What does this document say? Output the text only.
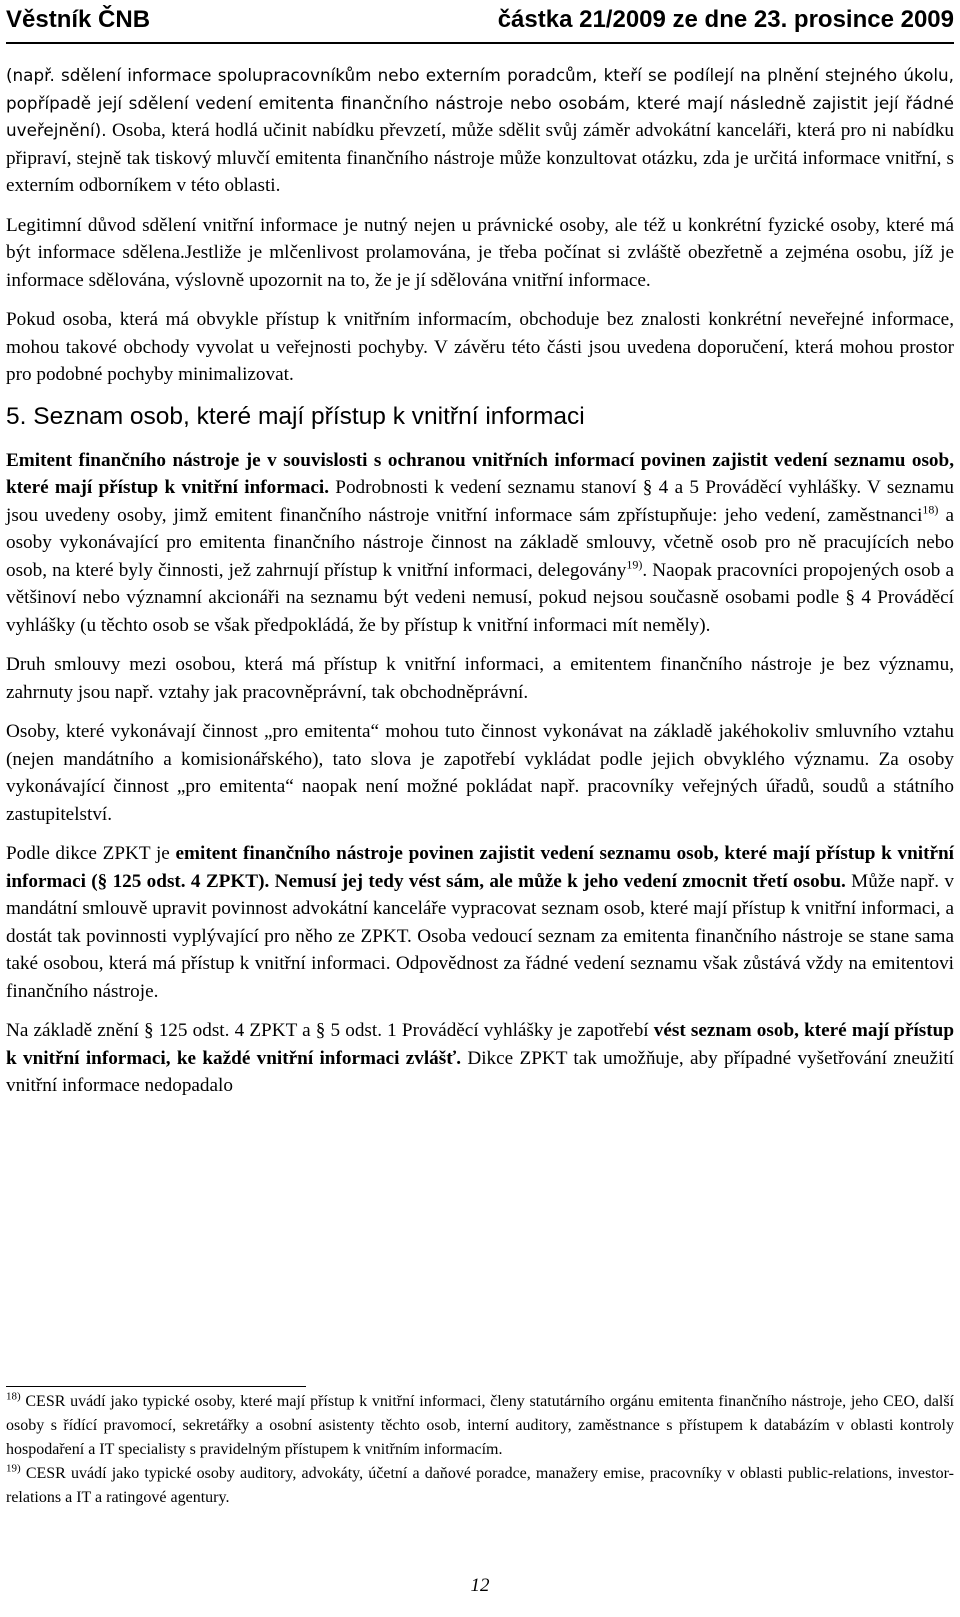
Věstník ČNB	částka 21/2009 ze dne 23. prosince 2009

(např. sdělení informace spolupracovníkům nebo externím poradcům, kteří se podílejí na plnění stejného úkolu, popřípadě její sdělení vedení emitenta finančního nástroje nebo osobám, které mají následně zajistit její řádné uveřejnění). Osoba, která hodlá učinit nabídku převzetí, může sdělit svůj záměr advokátní kanceláři, která pro ni nabídku připraví, stejně tak tiskový mluvčí emitenta finančního nástroje může konzultovat otázku, zda je určitá informace vnitřní, s externím odborníkem v této oblasti.

Legitimní důvod sdělení vnitřní informace je nutný nejen u právnické osoby, ale též u konkrétní fyzické osoby, které má být informace sdělena.Jestliže je mlčenlivost prolamována, je třeba počínat si zvláště obezřetně a zejména osobu, jíž je informace sdělována, výslovně upozornit na to, že je jí sdělována vnitřní informace.

Pokud osoba, která má obvykle přístup k vnitřním informacím, obchoduje bez znalosti konkrétní neveřejné informace, mohou takové obchody vyvolat u veřejnosti pochyby. V závěru této části jsou uvedena doporučení, která mohou prostor pro podobné pochyby minimalizovat.

5. Seznam osob, které mají přístup k vnitřní informaci

Emitent finančního nástroje je v souvislosti s ochranou vnitřních informací povinen zajistit vedení seznamu osob, které mají přístup k vnitřní informaci. Podrobnosti k vedení seznamu stanoví § 4 a 5 Prováděcí vyhlášky. V seznamu jsou uvedeny osoby, jimž emitent finančního nástroje vnitřní informace sám zpřístupňuje: jeho vedení, zaměstnanci$^{18)}$ a osoby vykonávající pro emitenta finančního nástroje činnost na základě smlouvy, včetně osob pro ně pracujících nebo osob, na které byly činnosti, jež zahrnují přístup k vnitřní informaci, delegovány$^{19)}$. Naopak pracovníci propojených osob a většinoví nebo významní akcionáři na seznamu být vedeni nemusí, pokud nejsou současně osobami podle § 4 Prováděcí vyhlášky (u těchto osob se však předpokládá, že by přístup k vnitřní informaci mít neměly).

Druh smlouvy mezi osobou, která má přístup k vnitřní informaci, a emitentem finančního nástroje je bez významu, zahrnuty jsou např. vztahy jak pracovněprávní, tak obchodněprávní.

Osoby, které vykonávají činnost „pro emitenta“ mohou tuto činnost vykonávat na základě jakéhokoliv smluvního vztahu (nejen mandátního a komisionářského), tato slova je zapotřebí vykládat podle jejich obvyklého významu. Za osoby vykonávající činnost „pro emitenta“ naopak není možné pokládat např. pracovníky veřejných úřadů, soudů a státního zastupitelství.

Podle dikce ZPKT je emitent finančního nástroje povinen zajistit vedení seznamu osob, které mají přístup k vnitřní informaci (§ 125 odst. 4 ZPKT). Nemusí jej tedy vést sám, ale může k jeho vedení zmocnit třetí osobu. Může např. v mandátní smlouvě upravit povinnost advokátní kanceláře vypracovat seznam osob, které mají přístup k vnitřní informaci, a dostát tak povinnosti vyplývající pro něho ze ZPKT. Osoba vedoucí seznam za emitenta finančního nástroje se stane sama také osobou, která má přístup k vnitřní informaci. Odpovědnost za řádné vedení seznamu však zůstává vždy na emitentovi finančního nástroje.

Na základě znění § 125 odst. 4 ZPKT a § 5 odst. 1 Prováděcí vyhlášky je zapotřebí vést seznam osob, které mají přístup k vnitřní informaci, ke každé vnitřní informaci zvlášť. Dikce ZPKT tak umožňuje, aby případné vyšetřování zneužití vnitřní informace nedopadalo

$^{18)}$ CESR uvádí jako typické osoby, které mají přístup k vnitřní informaci, členy statutárního orgánu emitenta finančního nástroje, jeho CEO, další osoby s řídící pravomocí, sekretářky a osobní asistenty těchto osob, interní auditory, zaměstnance s přístupem k databázím v oblasti kontroly hospodaření a IT specialisty s pravidelným přístupem k vnitřním informacím.

$^{19)}$ CESR uvádí jako typické osoby auditory, advokáty, účetní a daňové poradce, manažery emise, pracovníky v oblasti public-relations, investor-relations a IT a ratingové agentury.

12
